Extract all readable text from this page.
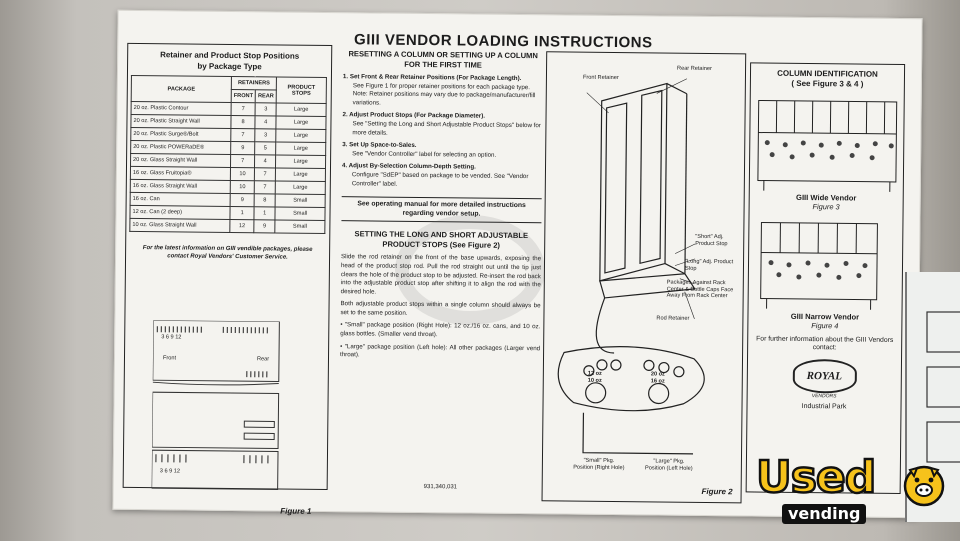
GIII VENDOR LOADING INSTRUCTIONS
Retainer and Product Stop Positions
by Package Type
PACKAGE	RETAINERS		PRODUCT STOPS
	FRONT	REAR	
20 oz. Plastic Contour	7	3	Large
20 oz. Plastic Straight Wall	8	4	Large
20 oz. Plastic Surge®/Bolt	7	3	Large
20 oz. Plastic POWERaDE®	9	5	Large
20 oz. Glass Straight Wall	7	4	Large
16 oz. Glass Fruitopia®	10	7	Large
16 oz. Glass Straight Wall	10	7	Large
16 oz. Can	9	8	Small
12 oz. Can (2 deep)	1	1	Small
10 oz. Glass Straight Wall	12	9	Small
For the latest information on GIII vendible packages, please contact Royal Vendors' Customer Service.
3 6 9 12
Front	Rear
3 6 9 12
Figure 1
RESETTING A COLUMN OR SETTING UP A COLUMN FOR THE FIRST TIME
1. Set Front & Rear Retainer Positions (For Package Length).
See Figure 1 for proper retainer positions for each package type. Note: Retainer positions may vary due to package/manufacturer/fill variations.
2. Adjust Product Stops (For Package Diameter).
See "Setting the Long and Short Adjustable Product Stops" below for more details.
3. Set Up Space-to-Sales.
See "Vendor Controller" label for selecting an option.
4. Adjust By-Selection Column-Depth Setting.
Configure "SdEP" based on package to be vended. See "Vendor Controller" label.
See operating manual for more detailed instructions regarding vendor setup.
SETTING THE LONG AND SHORT ADJUSTABLE PRODUCT STOPS (See Figure 2)
Slide the rod retainer on the front of the base upwards, exposing the head of the product stop rod. Pull the rod straight out until the tip just clears the hole of the product stop to be adjusted. Re-insert the rod back into the adjustable product stop after shifting it to align the rod with the desired hole.
Both adjustable product stops within a single column should always be set to the same position.
• "Small" package position (Right Hole): 12 oz./16 oz. cans, and 10 oz. glass bottles. (Smaller vend throat).
• "Large" package position (Left hole): All other packages (Larger vend throat).
931,340,031
Front Retainer
Rear Retainer
"Short" Adj. Product Stop
"Long" Adj. Product Stop
Packages Against Rack Center & Bottle Caps Face Away From Rack Center
Rod Retainer
12 oz
10 oz
20 oz
16 oz
"Small" Pkg. Position (Right Hole)
"Large" Pkg. Position (Left Hole)
Figure 2
COLUMN IDENTIFICATION
( See Figure 3 & 4 )
GIII Wide Vendor
Figure 3
GIII Narrow Vendor
Figure 4
For further information about the GIII Vendors contact:
ROYAL
VENDORS
Industrial Park
Used
vending
